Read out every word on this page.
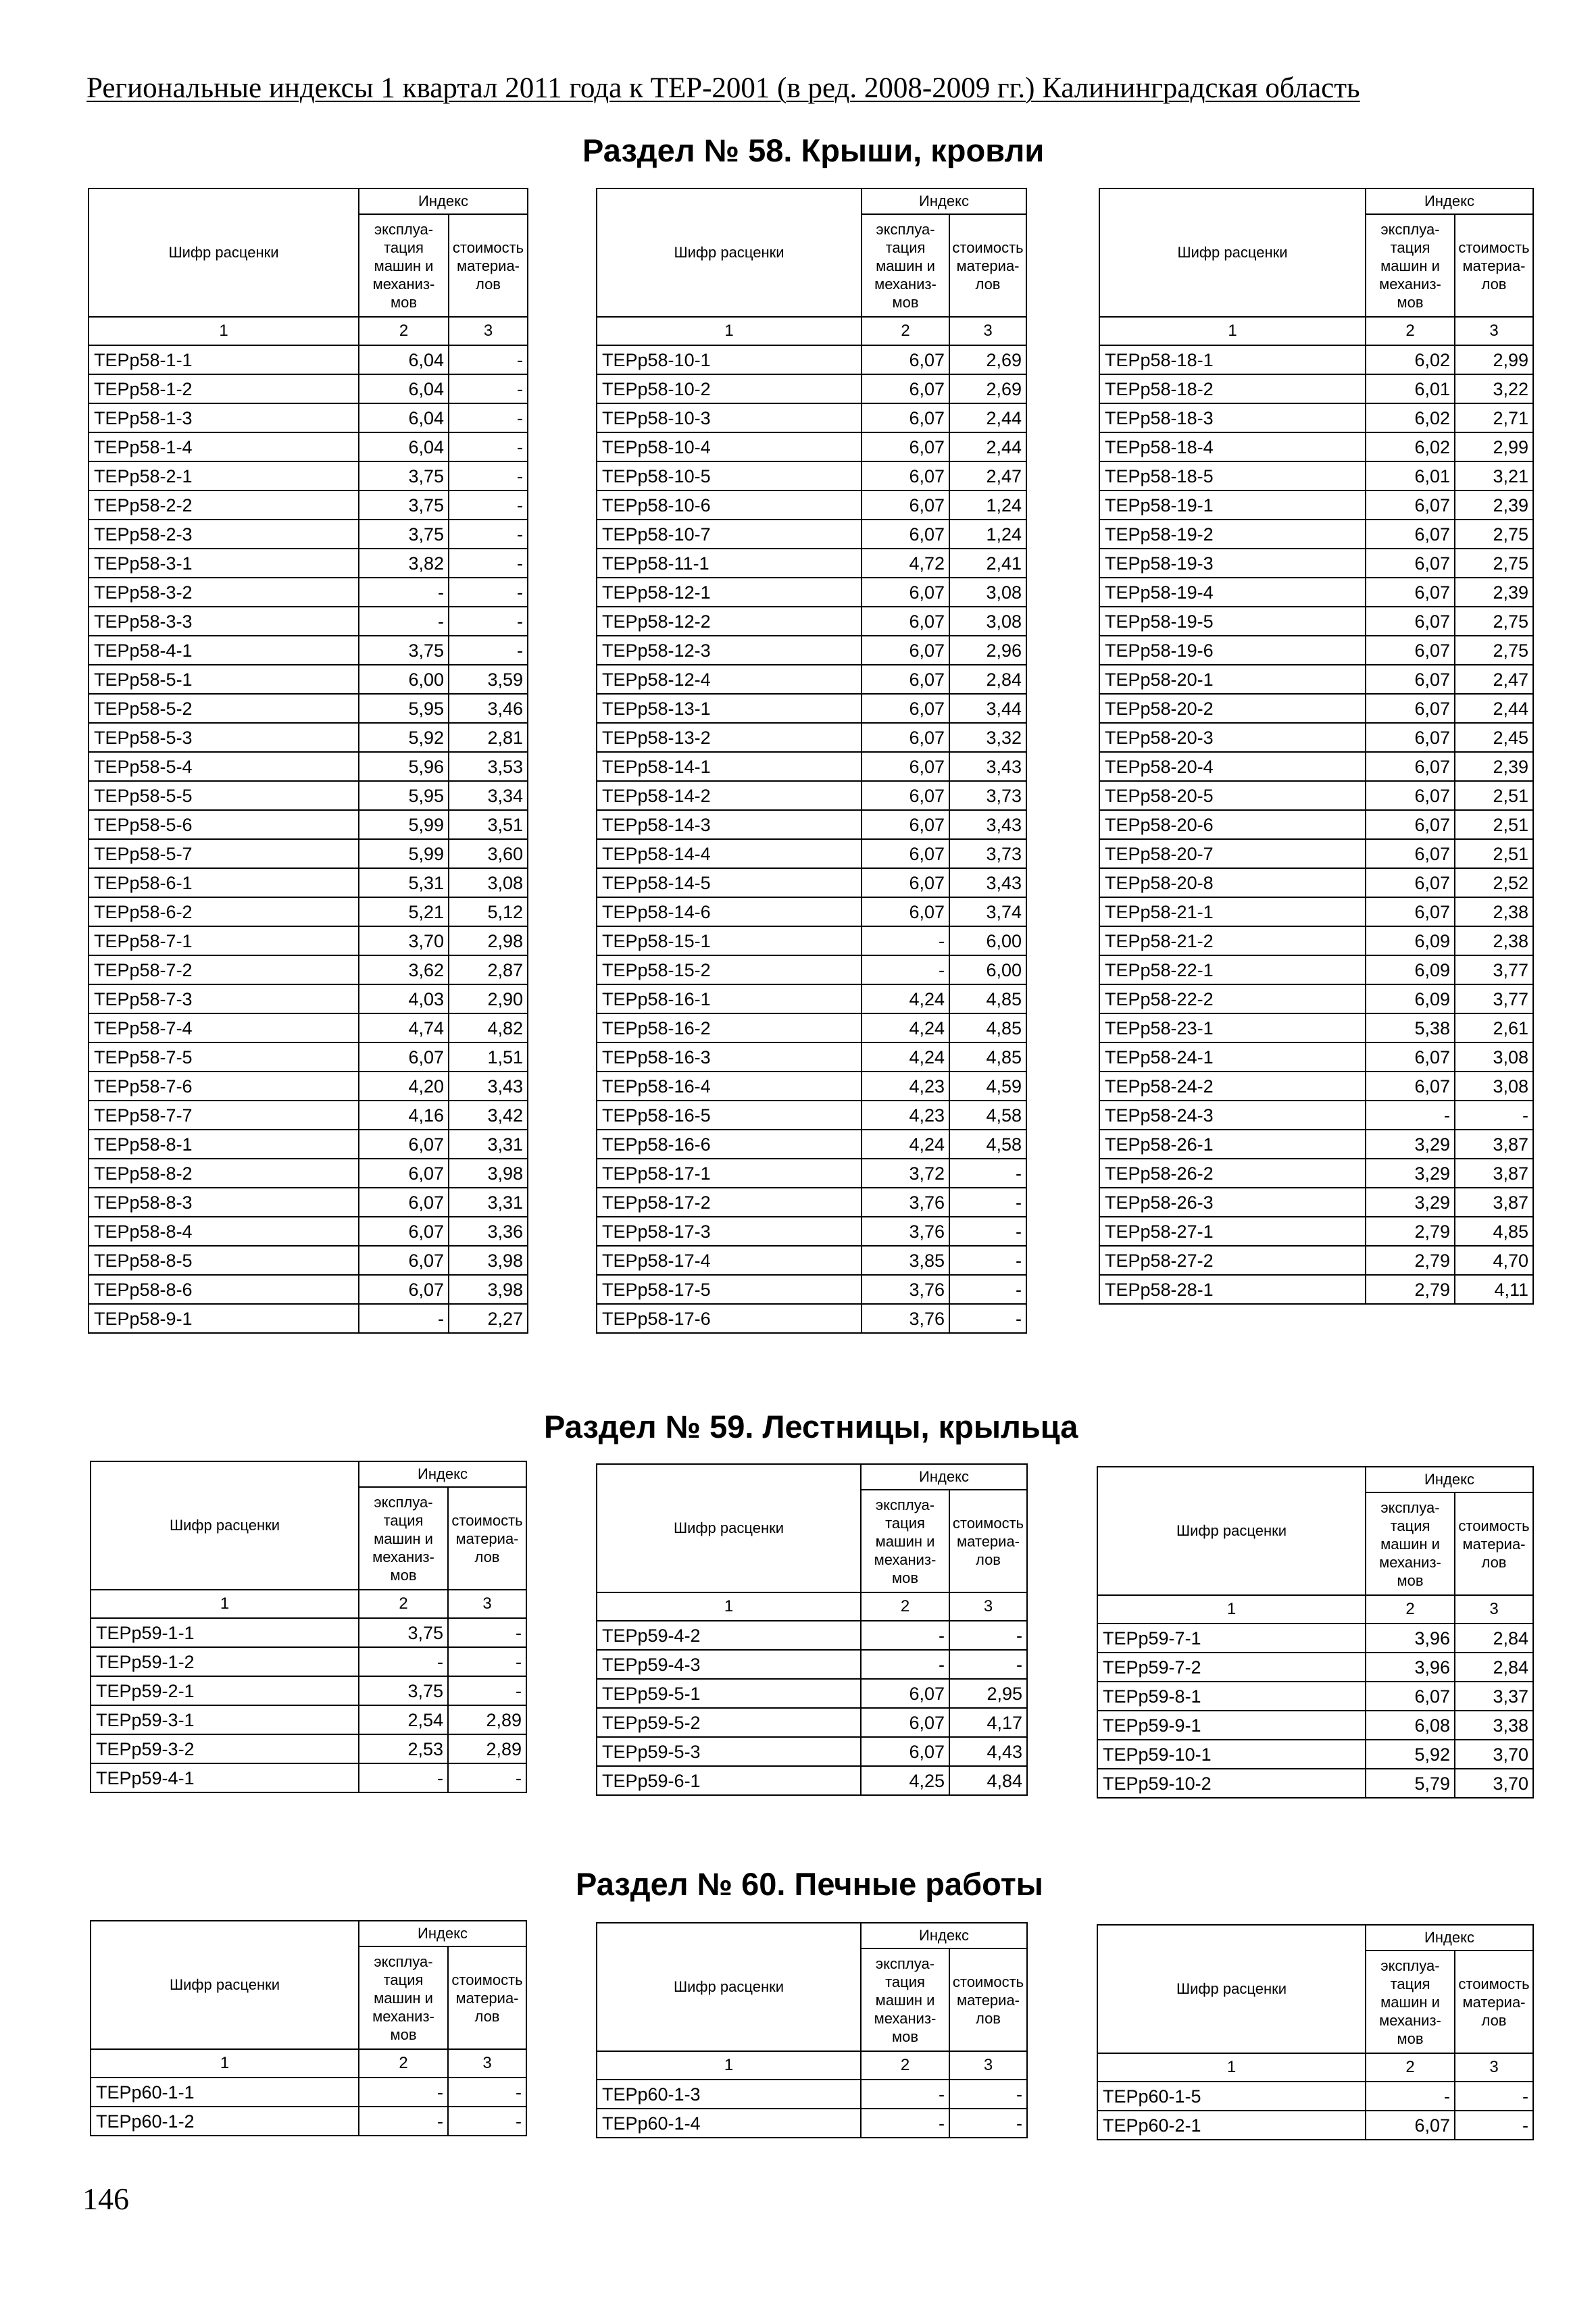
Региональные индексы 1 квартал 2011 года к ТЕР-2001 (в ред. 2008-2009 гг.) Калининградская область
Раздел № 58. Крыши, кровли
Раздел № 59. Лестницы, крыльца
Раздел № 60. Печные работы
Шифр расценки	Индекс	
	эксплуа-
тация
машин и
механиз-
мов	стоимость
материа-
лов
1	2	3
ТЕРр58-1-1	6,04	-
ТЕРр58-1-2	6,04	-
ТЕРр58-1-3	6,04	-
ТЕРр58-1-4	6,04	-
ТЕРр58-2-1	3,75	-
ТЕРр58-2-2	3,75	-
ТЕРр58-2-3	3,75	-
ТЕРр58-3-1	3,82	-
ТЕРр58-3-2	-	-
ТЕРр58-3-3	-	-
ТЕРр58-4-1	3,75	-
ТЕРр58-5-1	6,00	3,59
ТЕРр58-5-2	5,95	3,46
ТЕРр58-5-3	5,92	2,81
ТЕРр58-5-4	5,96	3,53
ТЕРр58-5-5	5,95	3,34
ТЕРр58-5-6	5,99	3,51
ТЕРр58-5-7	5,99	3,60
ТЕРр58-6-1	5,31	3,08
ТЕРр58-6-2	5,21	5,12
ТЕРр58-7-1	3,70	2,98
ТЕРр58-7-2	3,62	2,87
ТЕРр58-7-3	4,03	2,90
ТЕРр58-7-4	4,74	4,82
ТЕРр58-7-5	6,07	1,51
ТЕРр58-7-6	4,20	3,43
ТЕРр58-7-7	4,16	3,42
ТЕРр58-8-1	6,07	3,31
ТЕРр58-8-2	6,07	3,98
ТЕРр58-8-3	6,07	3,31
ТЕРр58-8-4	6,07	3,36
ТЕРр58-8-5	6,07	3,98
ТЕРр58-8-6	6,07	3,98
ТЕРр58-9-1	-	2,27
Шифр расценки	Индекс	
	эксплуа-
тация
машин и
механиз-
мов	стоимость
материа-
лов
1	2	3
ТЕРр58-10-1	6,07	2,69
ТЕРр58-10-2	6,07	2,69
ТЕРр58-10-3	6,07	2,44
ТЕРр58-10-4	6,07	2,44
ТЕРр58-10-5	6,07	2,47
ТЕРр58-10-6	6,07	1,24
ТЕРр58-10-7	6,07	1,24
ТЕРр58-11-1	4,72	2,41
ТЕРр58-12-1	6,07	3,08
ТЕРр58-12-2	6,07	3,08
ТЕРр58-12-3	6,07	2,96
ТЕРр58-12-4	6,07	2,84
ТЕРр58-13-1	6,07	3,44
ТЕРр58-13-2	6,07	3,32
ТЕРр58-14-1	6,07	3,43
ТЕРр58-14-2	6,07	3,73
ТЕРр58-14-3	6,07	3,43
ТЕРр58-14-4	6,07	3,73
ТЕРр58-14-5	6,07	3,43
ТЕРр58-14-6	6,07	3,74
ТЕРр58-15-1	-	6,00
ТЕРр58-15-2	-	6,00
ТЕРр58-16-1	4,24	4,85
ТЕРр58-16-2	4,24	4,85
ТЕРр58-16-3	4,24	4,85
ТЕРр58-16-4	4,23	4,59
ТЕРр58-16-5	4,23	4,58
ТЕРр58-16-6	4,24	4,58
ТЕРр58-17-1	3,72	-
ТЕРр58-17-2	3,76	-
ТЕРр58-17-3	3,76	-
ТЕРр58-17-4	3,85	-
ТЕРр58-17-5	3,76	-
ТЕРр58-17-6	3,76	-
Шифр расценки	Индекс	
	эксплуа-
тация
машин и
механиз-
мов	стоимость
материа-
лов
1	2	3
ТЕРр58-18-1	6,02	2,99
ТЕРр58-18-2	6,01	3,22
ТЕРр58-18-3	6,02	2,71
ТЕРр58-18-4	6,02	2,99
ТЕРр58-18-5	6,01	3,21
ТЕРр58-19-1	6,07	2,39
ТЕРр58-19-2	6,07	2,75
ТЕРр58-19-3	6,07	2,75
ТЕРр58-19-4	6,07	2,39
ТЕРр58-19-5	6,07	2,75
ТЕРр58-19-6	6,07	2,75
ТЕРр58-20-1	6,07	2,47
ТЕРр58-20-2	6,07	2,44
ТЕРр58-20-3	6,07	2,45
ТЕРр58-20-4	6,07	2,39
ТЕРр58-20-5	6,07	2,51
ТЕРр58-20-6	6,07	2,51
ТЕРр58-20-7	6,07	2,51
ТЕРр58-20-8	6,07	2,52
ТЕРр58-21-1	6,07	2,38
ТЕРр58-21-2	6,09	2,38
ТЕРр58-22-1	6,09	3,77
ТЕРр58-22-2	6,09	3,77
ТЕРр58-23-1	5,38	2,61
ТЕРр58-24-1	6,07	3,08
ТЕРр58-24-2	6,07	3,08
ТЕРр58-24-3	-	-
ТЕРр58-26-1	3,29	3,87
ТЕРр58-26-2	3,29	3,87
ТЕРр58-26-3	3,29	3,87
ТЕРр58-27-1	2,79	4,85
ТЕРр58-27-2	2,79	4,70
ТЕРр58-28-1	2,79	4,11
Шифр расценки	Индекс	
	эксплуа-
тация
машин и
механиз-
мов	стоимость
материа-
лов
1	2	3
ТЕРр59-1-1	3,75	-
ТЕРр59-1-2	-	-
ТЕРр59-2-1	3,75	-
ТЕРр59-3-1	2,54	2,89
ТЕРр59-3-2	2,53	2,89
ТЕРр59-4-1	-	-
Шифр расценки	Индекс	
	эксплуа-
тация
машин и
механиз-
мов	стоимость
материа-
лов
1	2	3
ТЕРр59-4-2	-	-
ТЕРр59-4-3	-	-
ТЕРр59-5-1	6,07	2,95
ТЕРр59-5-2	6,07	4,17
ТЕРр59-5-3	6,07	4,43
ТЕРр59-6-1	4,25	4,84
Шифр расценки	Индекс	
	эксплуа-
тация
машин и
механиз-
мов	стоимость
материа-
лов
1	2	3
ТЕРр59-7-1	3,96	2,84
ТЕРр59-7-2	3,96	2,84
ТЕРр59-8-1	6,07	3,37
ТЕРр59-9-1	6,08	3,38
ТЕРр59-10-1	5,92	3,70
ТЕРр59-10-2	5,79	3,70
Шифр расценки	Индекс	
	эксплуа-
тация
машин и
механиз-
мов	стоимость
материа-
лов
1	2	3
ТЕРр60-1-1	-	-
ТЕРр60-1-2	-	-
Шифр расценки	Индекс	
	эксплуа-
тация
машин и
механиз-
мов	стоимость
материа-
лов
1	2	3
ТЕРр60-1-3	-	-
ТЕРр60-1-4	-	-
Шифр расценки	Индекс	
	эксплуа-
тация
машин и
механиз-
мов	стоимость
материа-
лов
1	2	3
ТЕРр60-1-5	-	-
ТЕРр60-2-1	6,07	-
146
